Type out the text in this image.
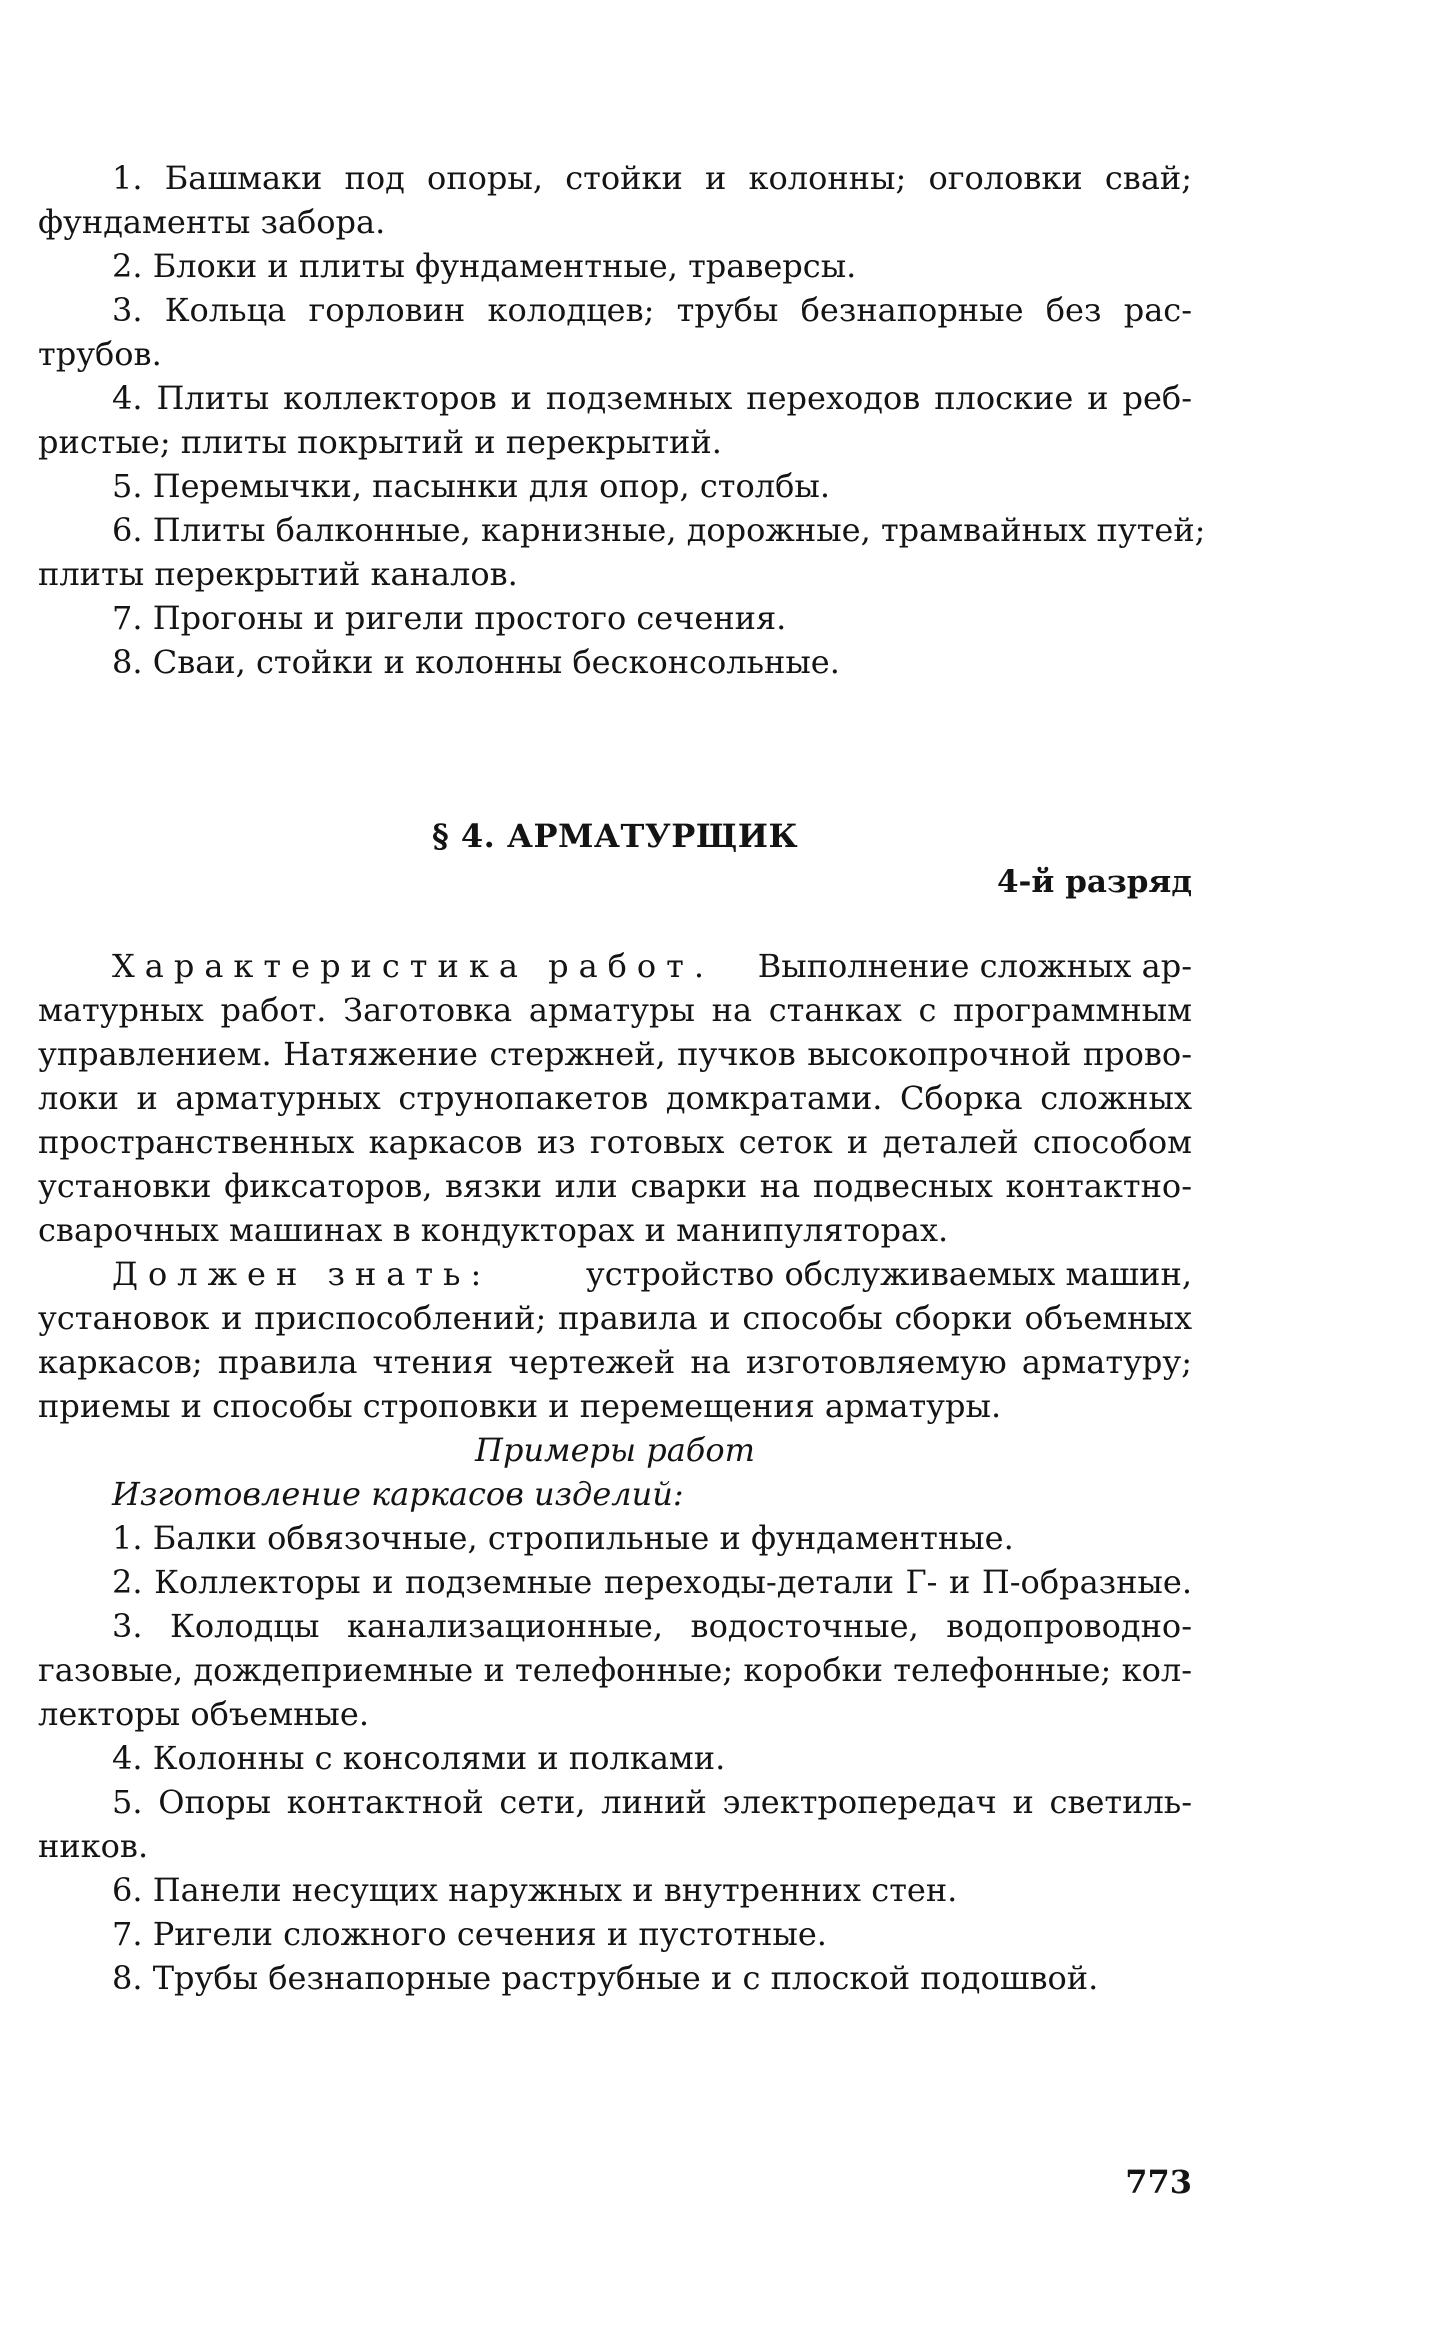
1. Башмаки под опоры, стойки и колонны; оголовки свай;
фундаменты забора.
2. Блоки и плиты фундаментные, траверсы.
3. Кольца горловин колодцев; трубы безнапорные без рас-
трубов.
4. Плиты коллекторов и подземных переходов плоские и реб-
ристые; плиты покрытий и перекрытий.
5. Перемычки, пасынки для опор, столбы.
6. Плиты балконные, карнизные, дорожные, трамвайных путей;
плиты перекрытий каналов.
7. Прогоны и ригели простого сечения.
8. Сваи, стойки и колонны бесконсольные.
§ 4. АРМАТУРЩИК
4-й разряд
Характеристика работ. Выполнение сложных ар-
матурных работ. Заготовка арматуры на станках с программным
управлением. Натяжение стержней, пучков высокопрочной прово-
локи и арматурных струнопакетов домкратами. Сборка сложных
пространственных каркасов из готовых сеток и деталей способом
установки фиксаторов, вязки или сварки на подвесных контактно-
сварочных машинах в кондукторах и манипуляторах.
Должен знать:	устройство обслуживаемых машин,
установок и приспособлений; правила и способы сборки объемных
каркасов; правила чтения чертежей на изготовляемую арматуру;
приемы и способы строповки и перемещения арматуры.
Примеры работ
Изготовление каркасов изделий:
1. Балки обвязочные, стропильные и фундаментные.
2. Коллекторы и подземные переходы-детали Г- и П-образные.
3. Колодцы канализационные, водосточные, водопроводно-
газовые, дождеприемные и телефонные; коробки телефонные; кол-
лекторы объемные.
4. Колонны с консолями и полками.
5. Опоры контактной сети, линий электропередач и светиль-
ников.
6. Панели несущих наружных и внутренних стен.
7. Ригели сложного сечения и пустотные.
8. Трубы безнапорные раструбные и с плоской подошвой.
773
